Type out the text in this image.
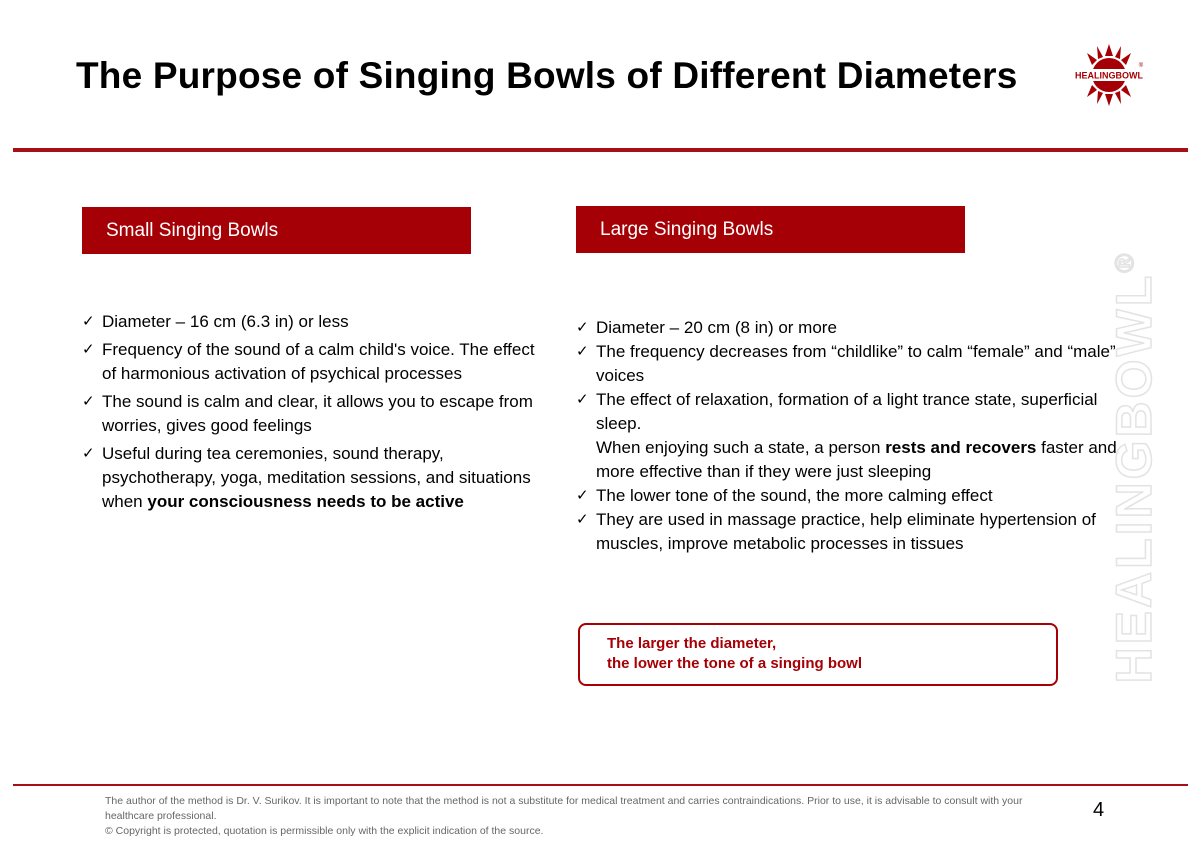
The Purpose of Singing Bowls of Different Diameters	HEALINGBOWL
®
Small Singing Bowls	Large Singing Bowls
✓ Diameter – 16 cm (6.3 in) or less
✓ Frequency of the sound of a calm child's voice. The effect of harmonious activation of psychical processes
✓ The sound is calm and clear, it allows you to escape from worries, gives good feelings
✓ Useful during tea ceremonies, sound therapy, psychotherapy, yoga, meditation sessions, and situations when your consciousness needs to be active
✓ Diameter – 20 cm (8 in) or more
✓ The frequency decreases from “childlike” to calm “female” and “male” voices
✓ The effect of relaxation, formation of a light trance state, superficial sleep.
When enjoying such a state, a person rests and recovers faster and more effective than if they were just sleeping
✓ The lower tone of the sound, the more calming effect
✓ They are used in massage practice, help eliminate hypertension of muscles, improve metabolic processes in tissues
The larger the diameter,
the lower the tone of a singing bowl	HEALINGBOWL®
The author of the method is Dr. V. Surikov. It is important to note that the method is not a substitute for medical treatment and carries contraindications. Prior to use, it is advisable to consult with your healthcare professional.
© Copyright is protected, quotation is permissible only with the explicit indication of the source.
4
